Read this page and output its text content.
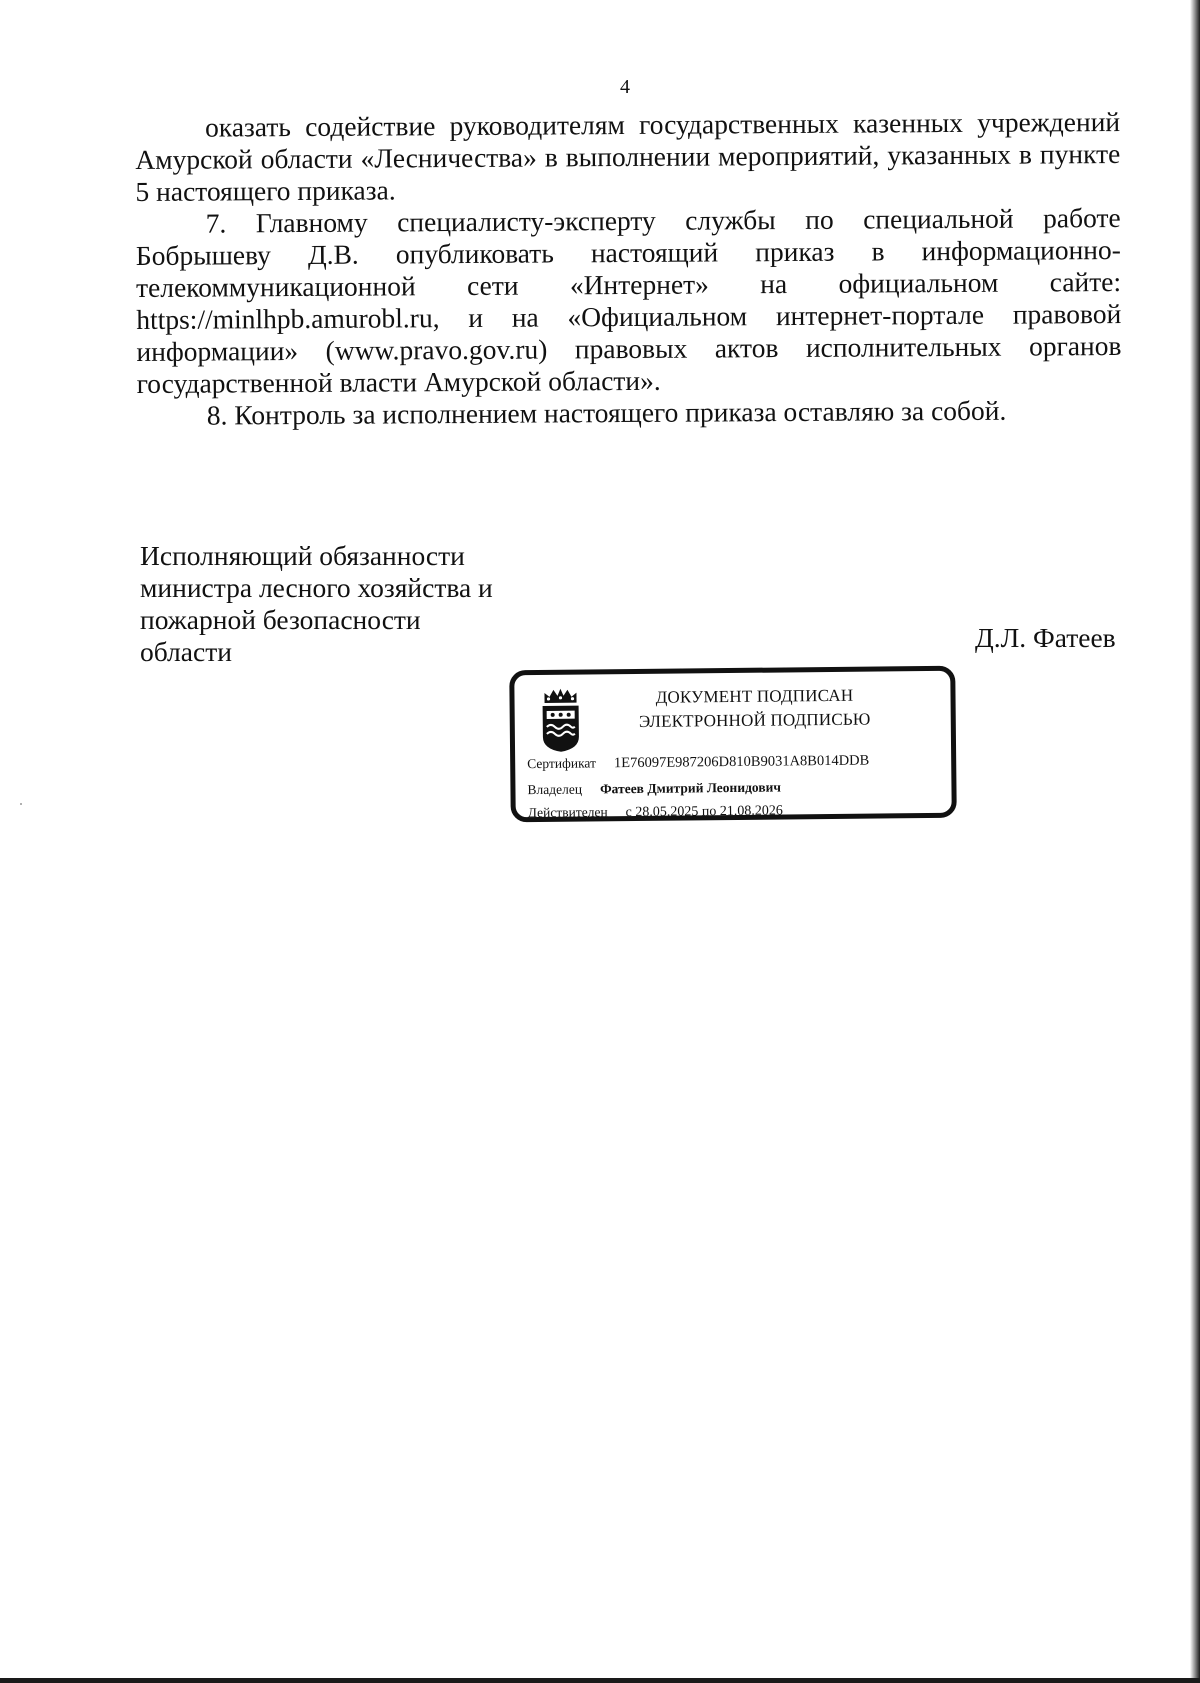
4

оказать содействие руководителям государственных казенных учреждений Амурской области «Лесничества» в выполнении мероприятий, указанных в пункте 5 настоящего приказа.

7. Главному специалисту-эксперту службы по специальной работе Бобрышеву Д.В. опубликовать настоящий приказ в информационно-телекоммуникационной сети «Интернет» на официальном сайте: https://minlhpb.amurobl.ru, и на «Официальном интернет-портале правовой информации» (www.pravo.gov.ru) правовых актов исполнительных органов государственной власти Амурской области».

8. Контроль за исполнением настоящего приказа оставляю за собой.

Исполняющий обязанности
министра лесного хозяйства и
пожарной безопасности
области	Д.Л. Фатеев
ДОКУМЕНТ ПОДПИСАН
ЭЛЕКТРОННОЙ ПОДПИСЬЮ
Сертификат 1E76097E987206D810B9031A8B014DDB
Владелец Фатеев Дмитрий Леонидович
Действителен с 28.05.2025 по 21.08.2026
